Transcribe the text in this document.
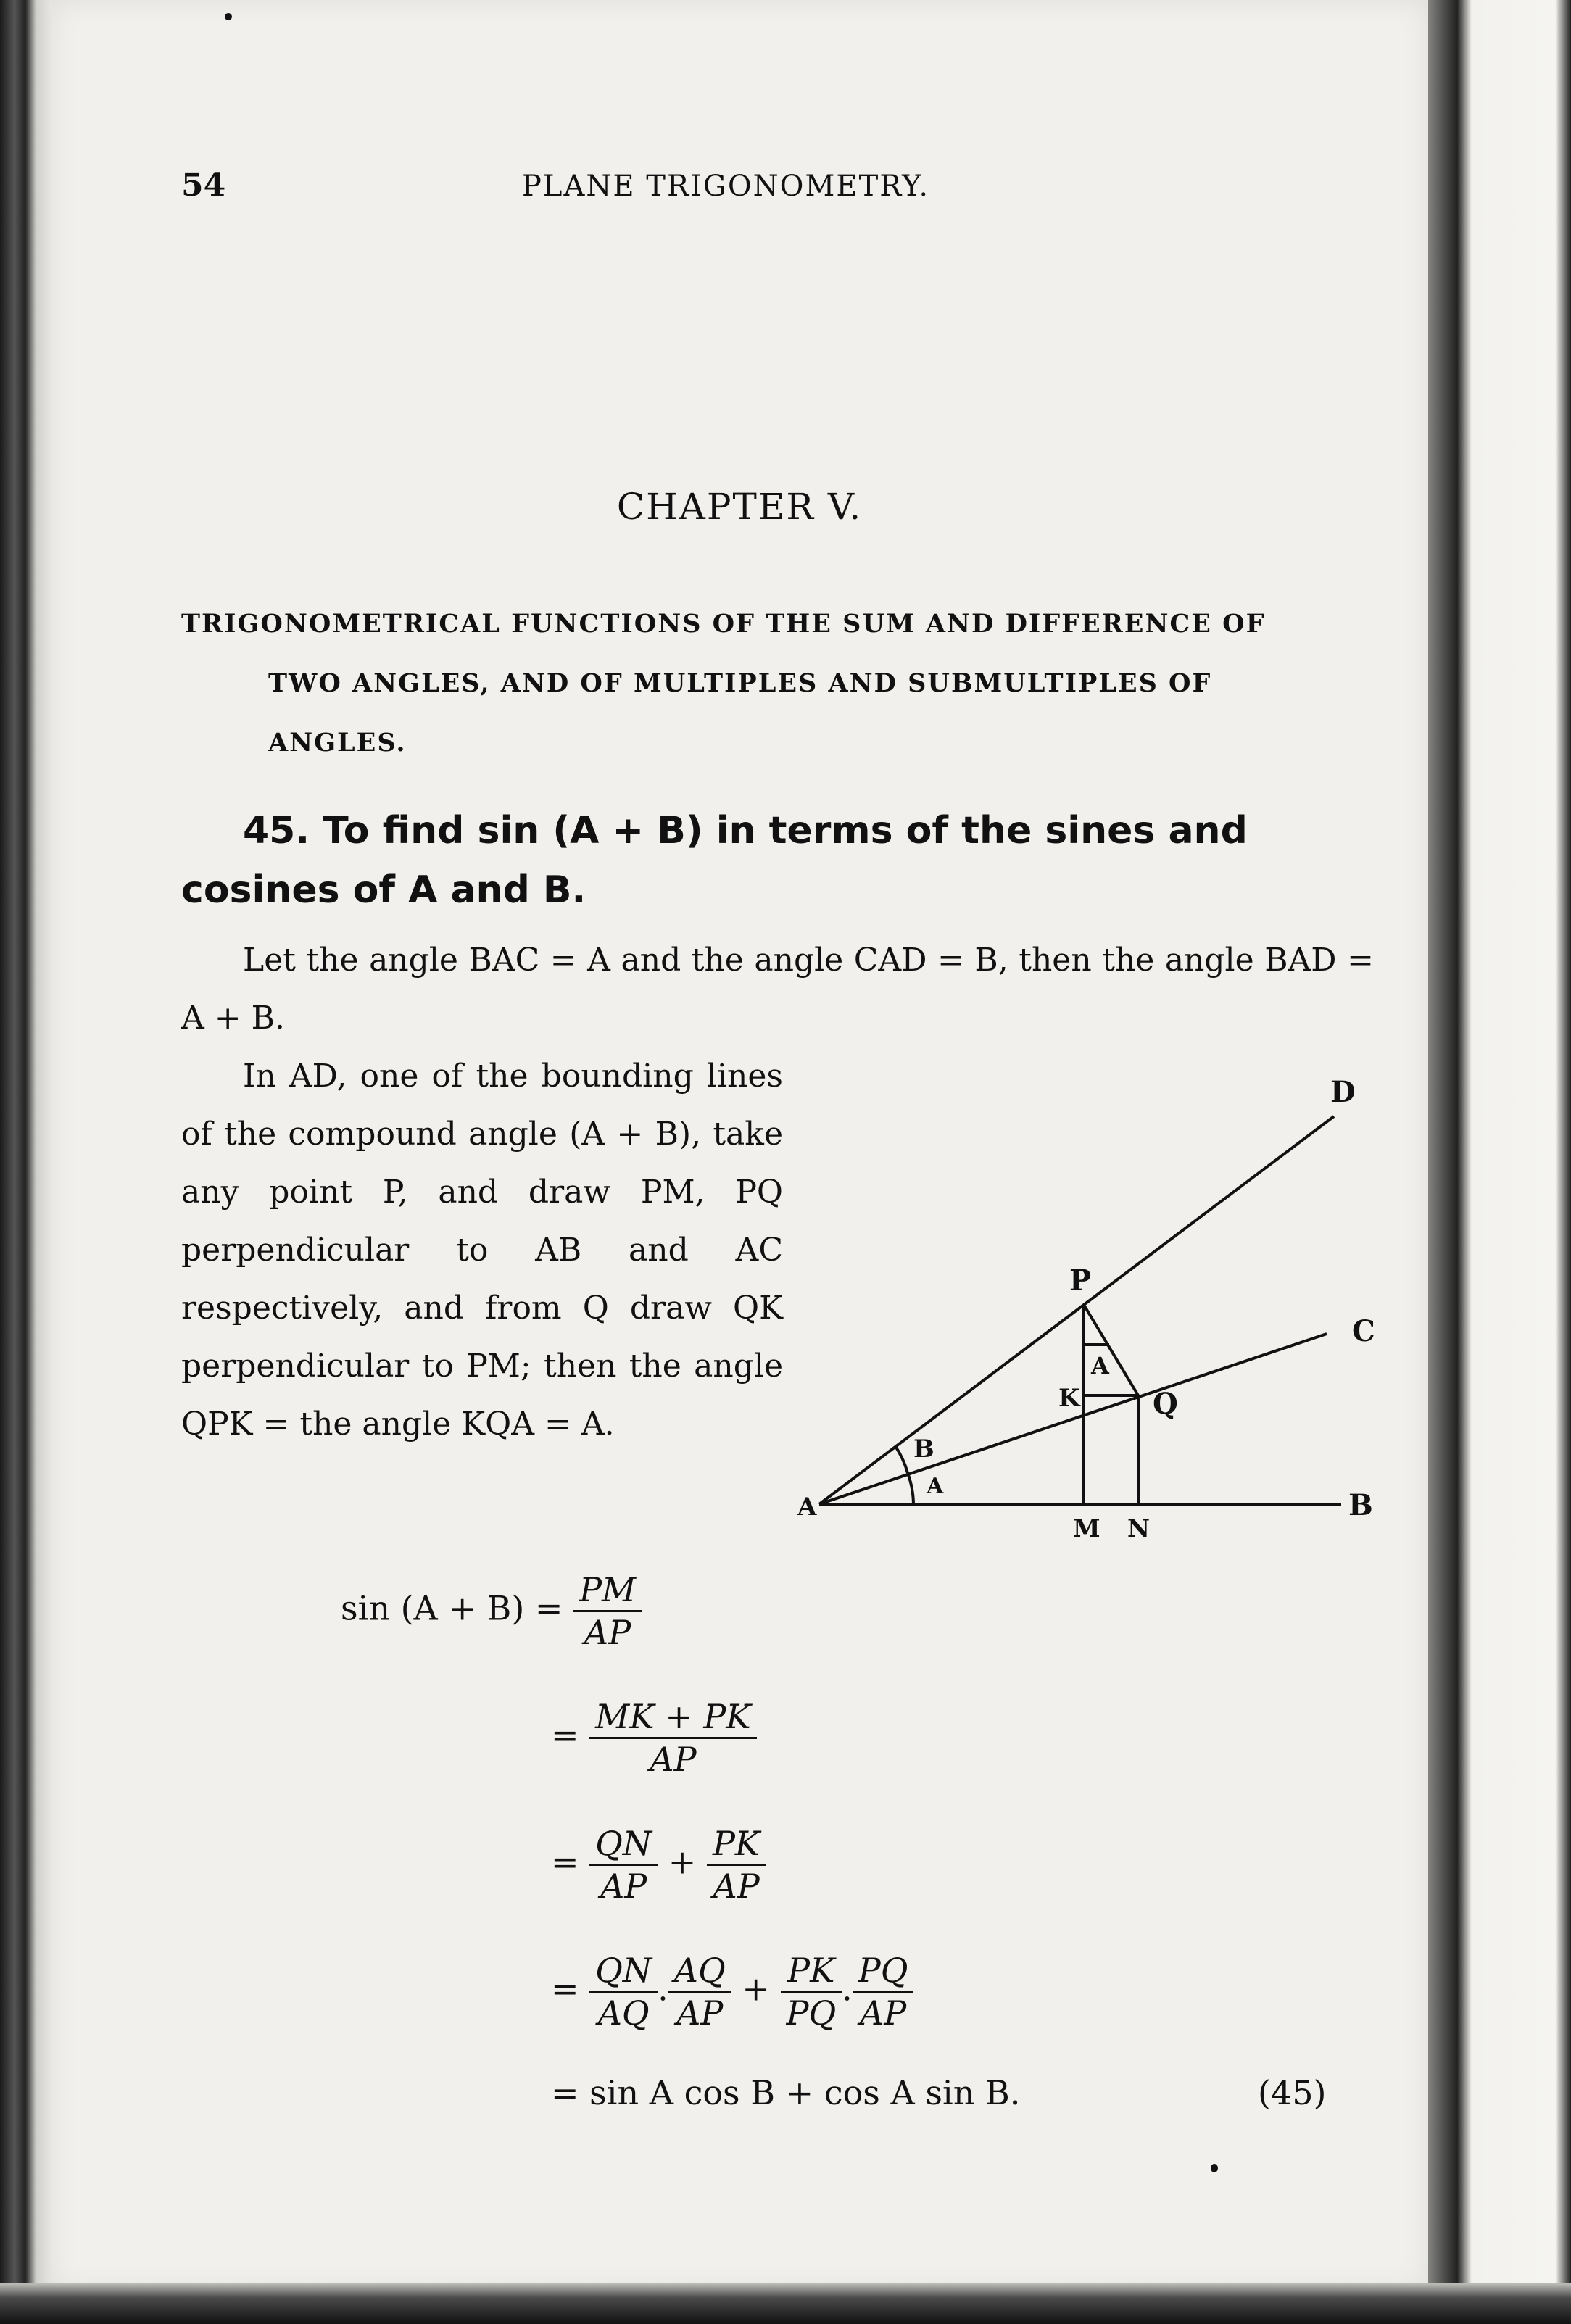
54	PLANE TRIGONOMETRY.
CHAPTER V.
TRIGONOMETRICAL FUNCTIONS OF THE SUM AND DIFFERENCE OF
TWO ANGLES, AND OF MULTIPLES AND SUBMULTIPLES OF
ANGLES.
45. To find sin (A + B) in terms of the sines and cosines of A and B.
Let the angle BAC = A and the angle CAD = B, then the angle BAD = A + B.
In AD, one of the bounding lines of the compound angle (A + B), take any point P, and draw PM, PQ perpendicular to AB and AC respectively, and from Q draw QK perpendicular to PM; then the angle QPK = the angle KQA = A.
D
P
C
A
K	Q
B
A
A
M N
B
$\sin (A + B) = \frac{PM}{AP}$
= $\frac{MK + PK}{AP}$
= $\frac{QN}{AP} + \frac{PK}{AP}$
= $\frac{QN}{AQ}$ . $\frac{AQ}{AP} + \frac{PK}{PQ}$ . $\frac{PQ}{AP}$
= sin A cos B + cos A sin B.	(45)
